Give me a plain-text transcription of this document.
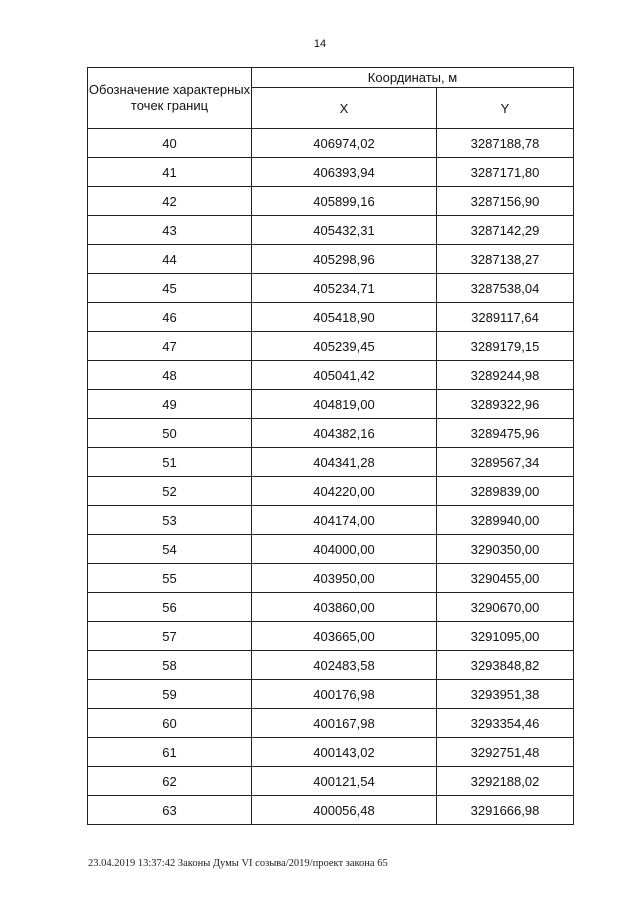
14
Обозначение характерных точек границ	Координаты, м	
	X	Y
40	406974,02	3287188,78
41	406393,94	3287171,80
42	405899,16	3287156,90
43	405432,31	3287142,29
44	405298,96	3287138,27
45	405234,71	3287538,04
46	405418,90	3289117,64
47	405239,45	3289179,15
48	405041,42	3289244,98
49	404819,00	3289322,96
50	404382,16	3289475,96
51	404341,28	3289567,34
52	404220,00	3289839,00
53	404174,00	3289940,00
54	404000,00	3290350,00
55	403950,00	3290455,00
56	403860,00	3290670,00
57	403665,00	3291095,00
58	402483,58	3293848,82
59	400176,98	3293951,38
60	400167,98	3293354,46
61	400143,02	3292751,48
62	400121,54	3292188,02
63	400056,48	3291666,98
23.04.2019 13:37:42 Законы Думы VI созыва/2019/проект закона 65
